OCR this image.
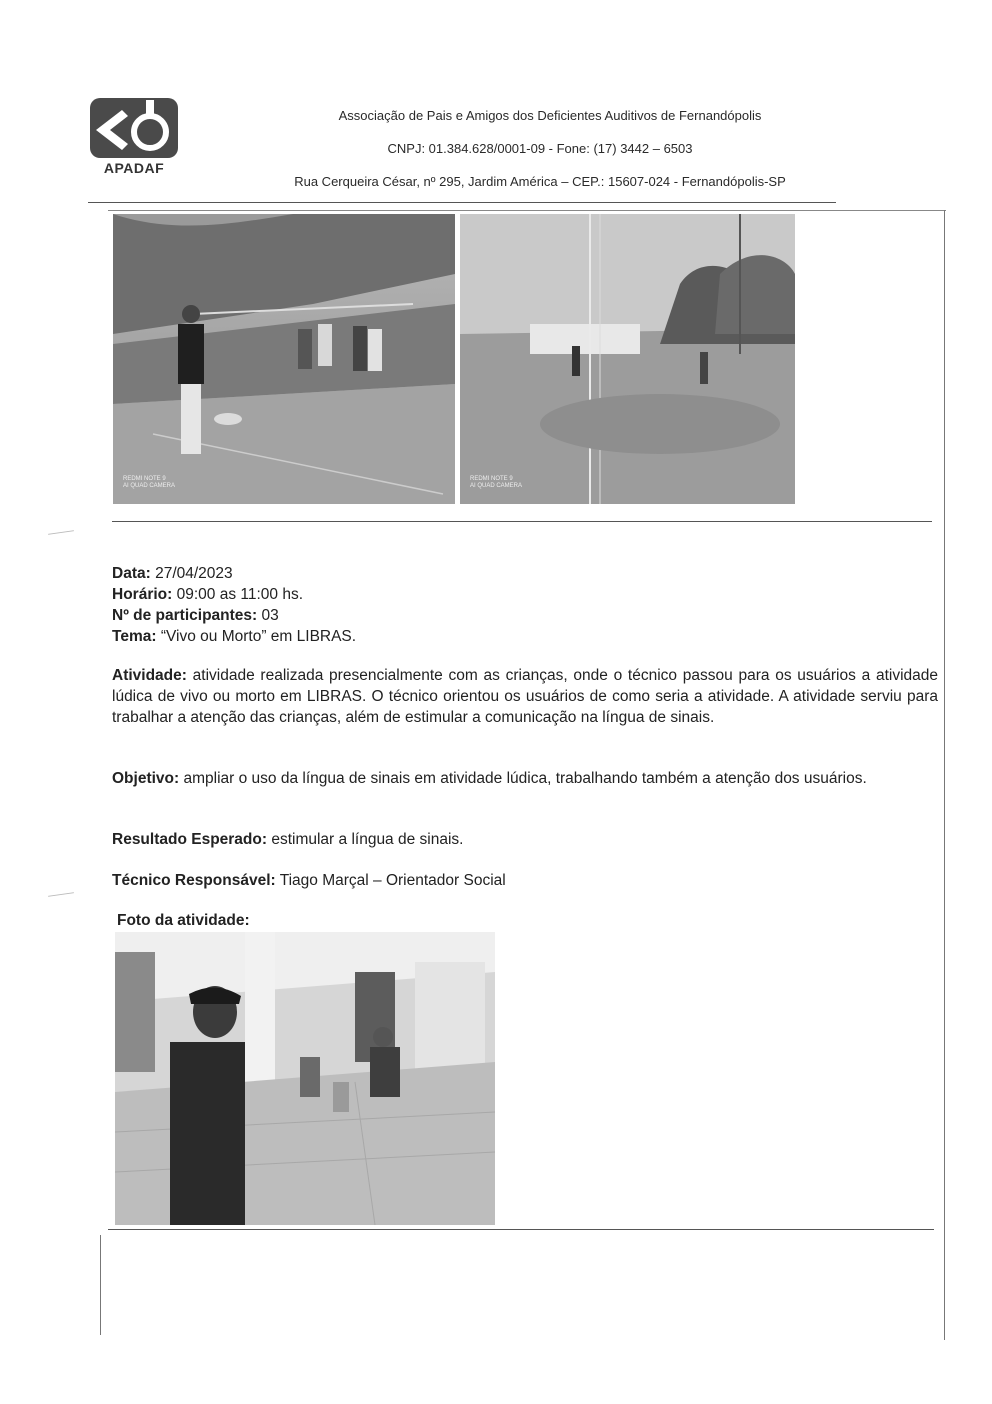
A
APADAF
Associação de Pais e Amigos dos Deficientes Auditivos de Fernandópolis
CNPJ: 01.384.628/0001-09 - Fone: (17) 3442 – 6503
Rua Cerqueira César, nº 295, Jardim América – CEP.: 15607-024 - Fernandópolis-SP
REDMI NOTE 9
AI QUAD CAMERA
REDMI NOTE 9
AI QUAD CAMERA

Data: 27/04/2023

Horário: 09:00 as 11:00 hs.

Nº de participantes: 03

Tema: “Vivo ou Morto” em LIBRAS.

Atividade: atividade realizada presencialmente com as crianças, onde o técnico passou para os usuários a atividade lúdica de vivo ou morto em LIBRAS. O técnico orientou os usuários de como seria a atividade. A atividade serviu para trabalhar a atenção das crianças, além de estimular a comunicação na língua de sinais.

Objetivo: ampliar o uso da língua de sinais em atividade lúdica, trabalhando também a atenção dos usuários.

Resultado Esperado: estimular a língua de sinais.

Técnico Responsável: Tiago Marçal – Orientador Social

Foto da atividade:
